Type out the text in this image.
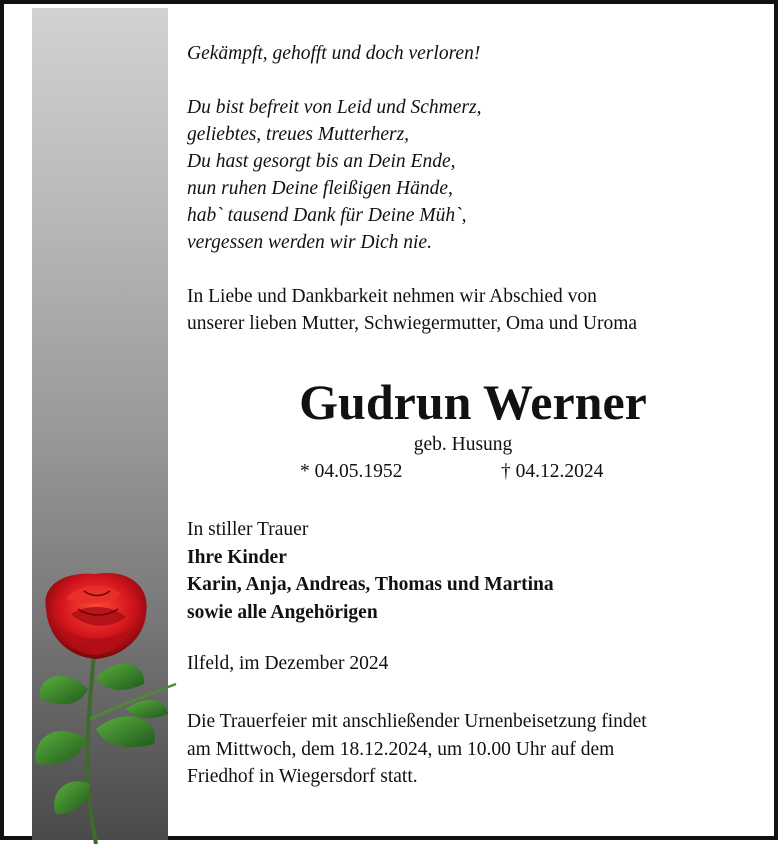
Gekämpft, gehofft und doch verloren!

Du bist befreit von Leid und Schmerz,

geliebtes, treues Mutterherz,

Du hast gesorgt bis an Dein Ende,

nun ruhen Deine fleißigen Hände,

hab` tausend Dank für Deine Müh`,

vergessen werden wir Dich nie.

In Liebe und Dankbarkeit nehmen wir Abschied von

unserer lieben Mutter, Schwiegermutter, Oma und Uroma

Gudrun Werner
geb. Husung
* 04.05.1952	† 04.12.2024

In stiller Trauer

Ihre Kinder

Karin, Anja, Andreas, Thomas und Martina

sowie alle Angehörigen

Ilfeld, im Dezember 2024

Die Trauerfeier mit anschließender Urnenbeisetzung findet

am Mittwoch, dem 18.12.2024, um 10.00 Uhr auf dem

Friedhof in Wiegersdorf statt.
